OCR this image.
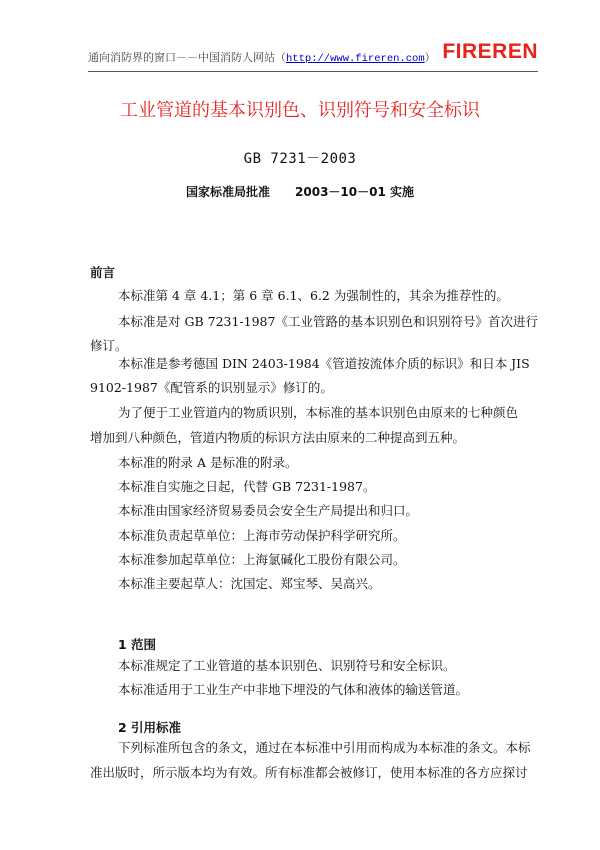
通向消防界的窗口－－中国消防人网站（http://www.fireren.com） FIREREN
工业管道的基本识别色、识别符号和安全标识
GB 7231－2003
国家标准局批准      2003－10－01 实施
前言
本标准第 4 章 4.1；第 6 章 6.1、6.2 为强制性的，其余为推荐性的。
本标准是对 GB 7231-1987《工业管路的基本识别色和识别符号》首次进行
修订。
本标准是参考德国 DIN 2403-1984《管道按流体介质的标识》和日本 JIS
9102-1987《配管系的识别显示》修订的。
为了便于工业管道内的物质识别，本标准的基本识别色由原来的七种颜色
增加到八种颜色，管道内物质的标识方法由原来的二种提高到五种。
本标准的附录 A 是标准的附录。
本标准自实施之日起，代替 GB 7231-1987。
本标准由国家经济贸易委员会安全生产局提出和归口。
本标准负责起草单位：上海市劳动保护科学研究所。
本标准参加起草单位：上海氯碱化工股份有限公司。
本标准主要起草人：沈国定、郑宝琴、吴高兴。
1 范围
本标准规定了工业管道的基本识别色、识别符号和安全标识。
本标准适用于工业生产中非地下埋没的气体和液体的输送管道。
2 引用标准
下列标准所包含的条文，通过在本标准中引用而构成为本标准的条文。本标
准出版时，所示版本均为有效。所有标准都会被修订，使用本标准的各方应探讨
